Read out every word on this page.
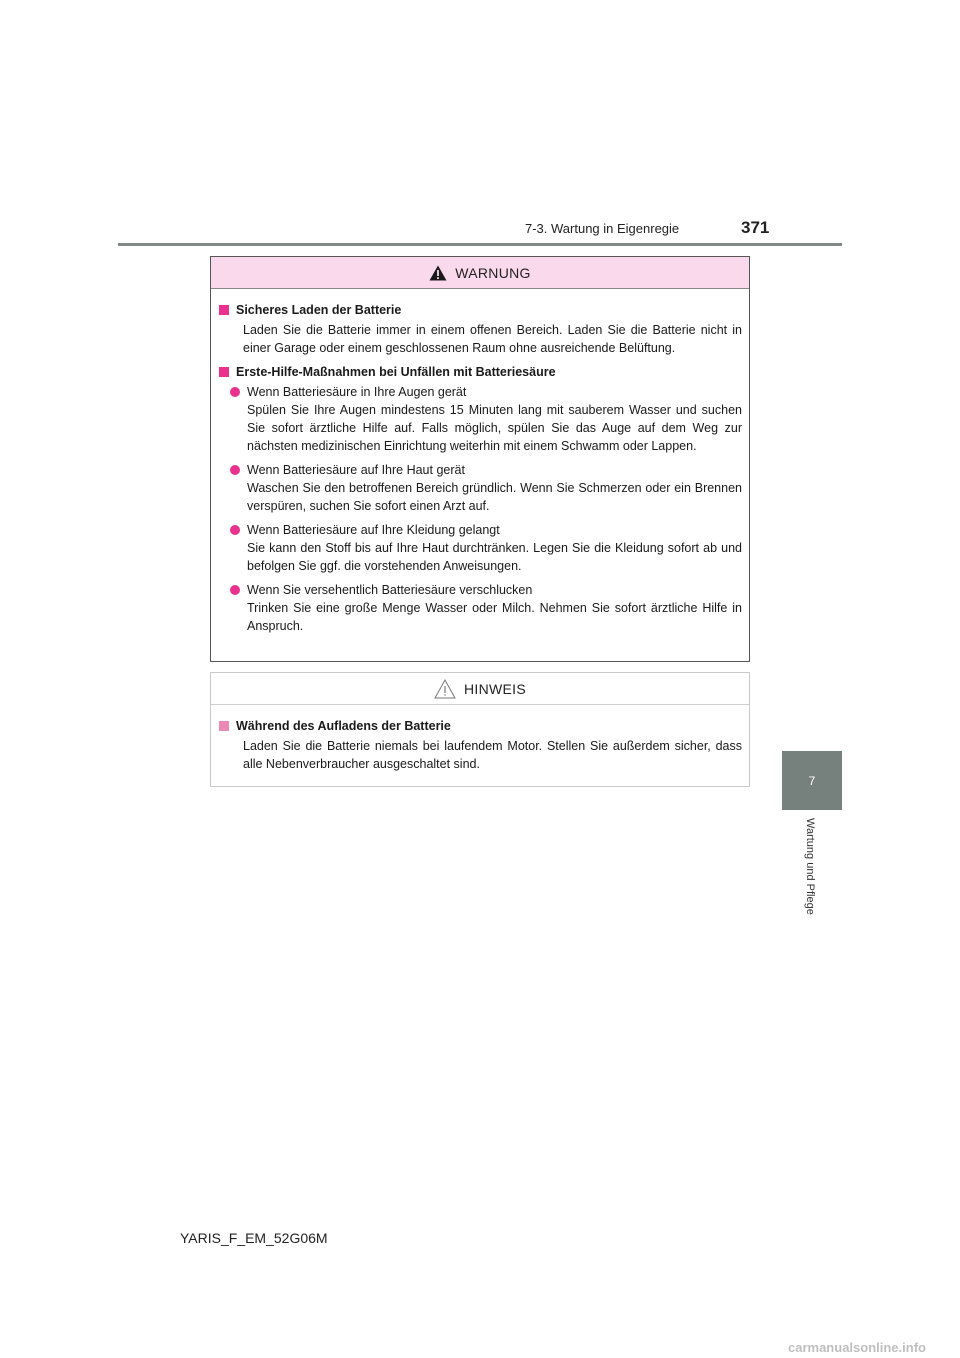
7-3. Wartung in Eigenregie	371
7
Wartung und Pflege
WARNUNG
Sicheres Laden der Batterie
Laden Sie die Batterie immer in einem offenen Bereich. Laden Sie die Batterie nicht in einer Garage oder einem geschlossenen Raum ohne ausreichende Belüftung.
Erste-Hilfe-Maßnahmen bei Unfällen mit Batteriesäure
Wenn Batteriesäure in Ihre Augen gerät
Spülen Sie Ihre Augen mindestens 15 Minuten lang mit sauberem Wasser und suchen Sie sofort ärztliche Hilfe auf. Falls möglich, spülen Sie das Auge auf dem Weg zur nächsten medizinischen Einrichtung weiterhin mit einem Schwamm oder Lappen.
Wenn Batteriesäure auf Ihre Haut gerät
Waschen Sie den betroffenen Bereich gründlich. Wenn Sie Schmerzen oder ein Brennen verspüren, suchen Sie sofort einen Arzt auf.
Wenn Batteriesäure auf Ihre Kleidung gelangt
Sie kann den Stoff bis auf Ihre Haut durchtränken. Legen Sie die Kleidung sofort ab und befolgen Sie ggf. die vorstehenden Anweisungen.
Wenn Sie versehentlich Batteriesäure verschlucken
Trinken Sie eine große Menge Wasser oder Milch. Nehmen Sie sofort ärztliche Hilfe in Anspruch.
HINWEIS
Während des Aufladens der Batterie
Laden Sie die Batterie niemals bei laufendem Motor. Stellen Sie außerdem sicher, dass alle Nebenverbraucher ausgeschaltet sind.
YARIS_F_EM_52G06M
carmanualsonline.info
